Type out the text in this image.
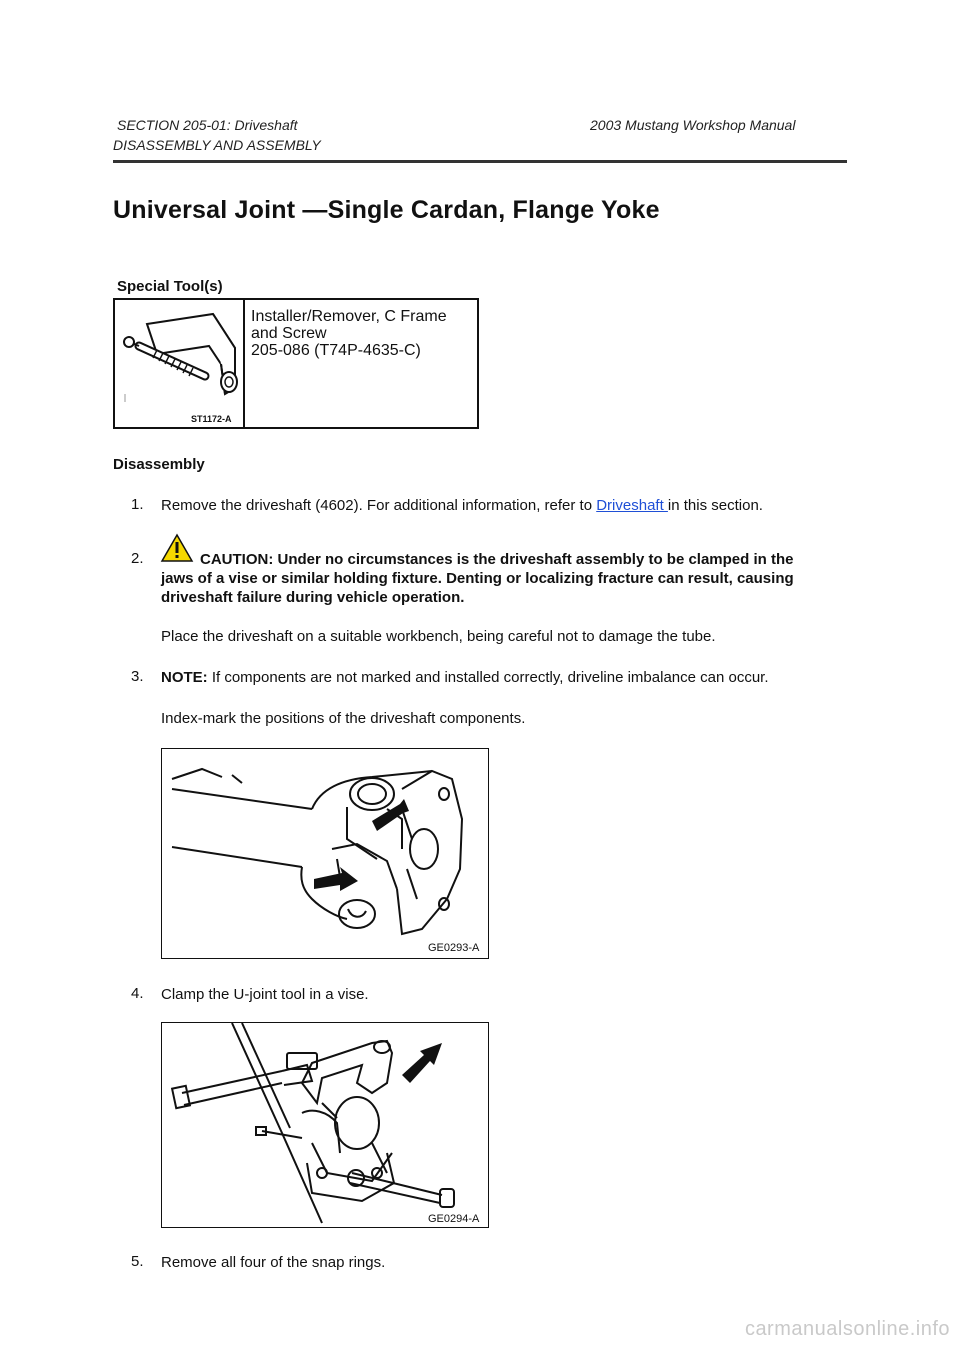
SECTION 205-01: Driveshaft	2003 Mustang Workshop Manual
DISASSEMBLY AND ASSEMBLY
Universal Joint —Single Cardan, Flange Yoke
Special Tool(s)
ST1172-A
Installer/Remover, C Frame
and Screw
205-086 (T74P-4635-C)
Disassembly
1. Remove the driveshaft (4602). For additional information, refer to Driveshaft in this section.
2.	CAUTION: Under no circumstances is the driveshaft assembly to be clamped in the
jaws of a vise or similar holding fixture. Denting or localizing fracture can result, causing
driveshaft failure during vehicle operation.
Place the driveshaft on a suitable workbench, being careful not to damage the tube.
3. NOTE: If components are not marked and installed correctly, driveline imbalance can occur.
Index-mark the positions of the driveshaft components.
GE0293-A
4. Clamp the U-joint tool in a vise.
GE0294-A
5. Remove all four of the snap rings.
carmanualsonline.info
